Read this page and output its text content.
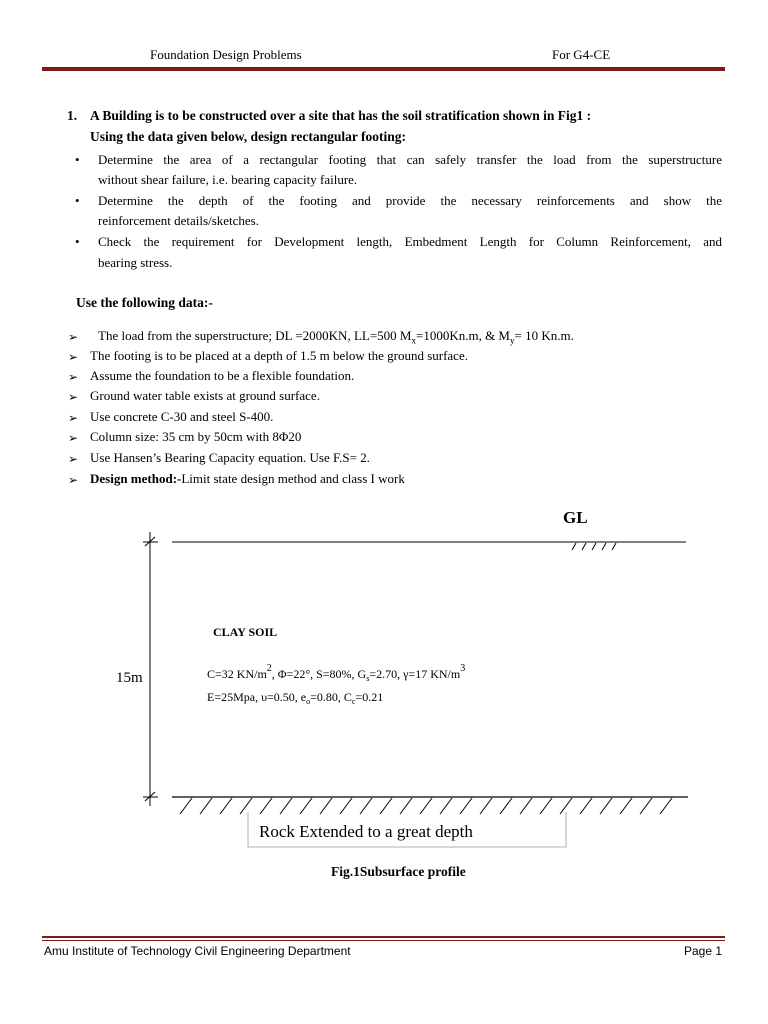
Foundation Design Problems	For G4-CE
1. A Building is to be constructed over a site that has the soil stratification shown in Fig1 :
Using the data given below, design rectangular footing:
• Determine the area of a rectangular footing that can safely transfer the load from the superstructure
without shear failure, i.e. bearing capacity failure.
• Determine the depth of the footing and provide the necessary reinforcements and show the
reinforcement details/sketches.
• Check the requirement for Development length, Embedment Length for Column Reinforcement, and
bearing stress.
Use the following data:-
➢ The load from the superstructure; DL =2000KN, LL=500 $M_x=1000Kn.m$, & $M_y= 10$ Kn.m.
➢ The footing is to be placed at a depth of 1.5 m below the ground surface.
➢ Assume the foundation to be a flexible foundation.
➢ Ground water table exists at ground surface.
➢ Use concrete C-30 and steel S-400.
➢ Column size: 35 cm by 50cm with 8Φ20
➢ Use Hansen’s Bearing Capacity equation. Use F.S= 2.
➢ Design method:-Limit state design method and class I work
GL
15m
CLAY SOIL
C=32 $KN/m^2$, Φ=22°, S=80%, $G_s=2.70$, γ=17 $KN/m^3$
E=25Mpa, υ=0.50, $e_o=0.80$, $C_c=0.21$
Rock Extended to a great depth
Fig.1Subsurface profile
Amu Institute of Technology Civil Engineering Department	Page 1
